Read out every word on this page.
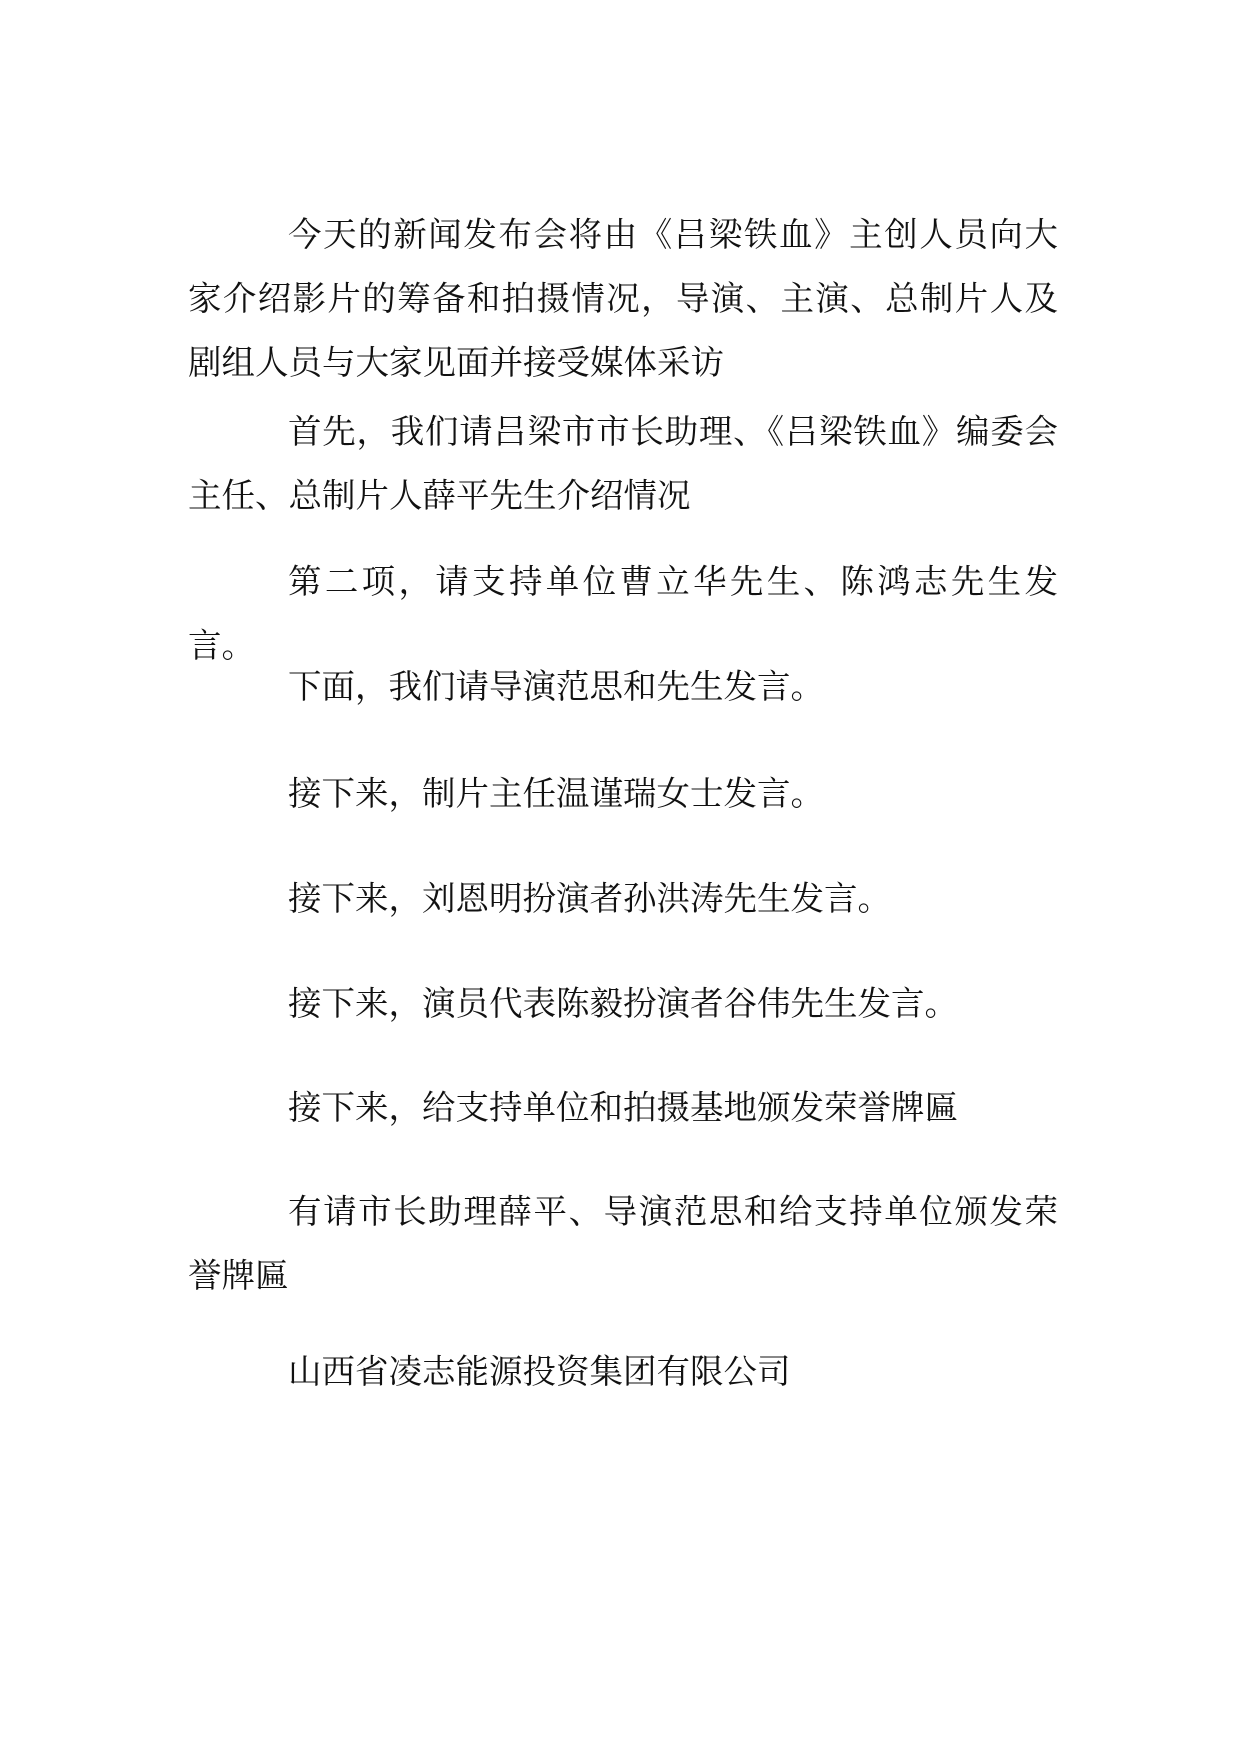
今天的新闻发布会将由《吕梁铁血》主创人员向大家介绍影片的筹备和拍摄情况，导演、主演、总制片人及剧组人员与大家见面并接受媒体采访

首先，我们请吕梁市市长助理、《吕梁铁血》编委会主任、总制片人薛平先生介绍情况

第二项，请支持单位曹立华先生、陈鸿志先生发言。

下面，我们请导演范思和先生发言。

接下来，制片主任温谨瑞女士发言。

接下来，刘恩明扮演者孙洪涛先生发言。

接下来，演员代表陈毅扮演者谷伟先生发言。

接下来，给支持单位和拍摄基地颁发荣誉牌匾

有请市长助理薛平、导演范思和给支持单位颁发荣誉牌匾

山西省凌志能源投资集团有限公司
